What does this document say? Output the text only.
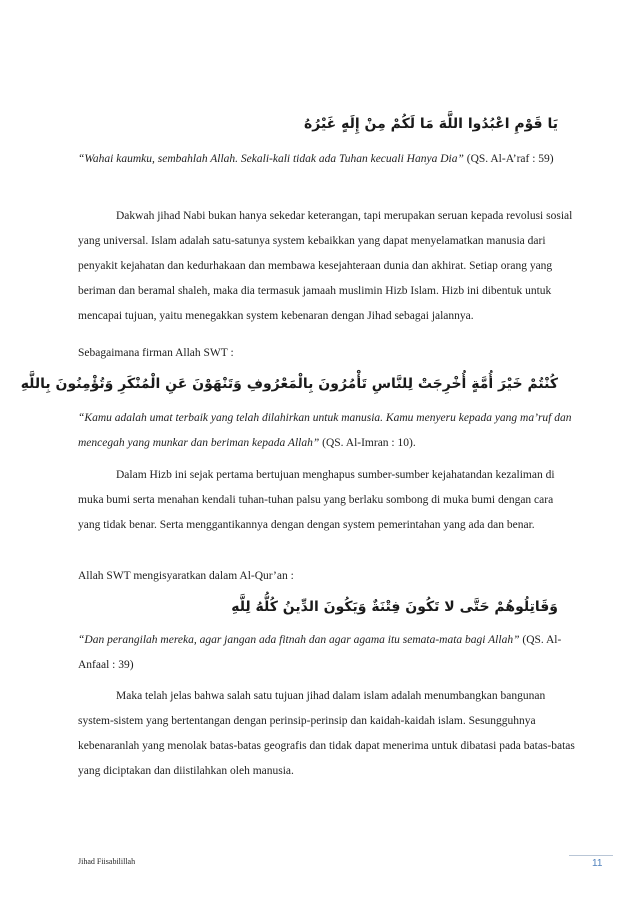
يَا قَوْمِ اعْبُدُوا اللَّهَ مَا لَكُمْ مِنْ إِلَهٍ غَيْرُهُ

“Wahai kaumku, sembahlah Allah. Sekali-kali tidak ada Tuhan kecuali Hanya Dia” (QS. Al-A’raf : 59)

Dakwah jihad Nabi bukan hanya sekedar keterangan, tapi merupakan seruan kepada revolusi sosial yang universal. Islam adalah satu-satunya system kebaikkan yang dapat menyelamatkan manusia dari penyakit kejahatan dan kedurhakaan dan membawa kesejahteraan dunia dan akhirat. Setiap orang yang beriman dan beramal shaleh, maka dia termasuk jamaah muslimin Hizb Islam. Hizb ini dibentuk untuk mencapai tujuan, yaitu menegakkan system kebenaran dengan Jihad sebagai jalannya.

Sebagaimana firman Allah SWT :

كُنْتُمْ خَيْرَ أُمَّةٍ أُخْرِجَتْ لِلنَّاسِ تَأْمُرُونَ بِالْمَعْرُوفِ وَتَنْهَوْنَ عَنِ الْمُنْكَرِ وَتُؤْمِنُونَ بِاللَّهِ

“Kamu adalah umat terbaik yang telah dilahirkan untuk manusia. Kamu menyeru kepada yang ma’ruf dan mencegah yang munkar dan beriman kepada Allah” (QS. Al-Imran : 10).

Dalam Hizb ini sejak pertama bertujuan menghapus sumber-sumber kejahatandan kezaliman di muka bumi serta menahan kendali tuhan-tuhan palsu yang berlaku sombong di muka bumi dengan cara yang tidak benar. Serta menggantikannya dengan dengan system pemerintahan yang ada dan benar.

Allah SWT mengisyaratkan dalam Al-Qur’an :

وَقَاتِلُوهُمْ حَتَّى لا تَكُونَ فِتْنَةٌ وَيَكُونَ الدِّينُ كُلُّهُ لِلَّهِ

“Dan perangilah mereka, agar jangan ada fitnah dan agar agama itu semata-mata bagi Allah” (QS. Al-Anfaal : 39)

Maka telah jelas bahwa salah satu tujuan jihad dalam islam adalah menumbangkan bangunan system-sistem yang bertentangan dengan perinsip-perinsip dan kaidah-kaidah islam. Sesungguhnya kebenaranlah yang menolak batas-batas geografis dan tidak dapat menerima untuk dibatasi pada batas-batas yang diciptakan dan diistilahkan oleh manusia.

Jihad Fiisabilillah	11
